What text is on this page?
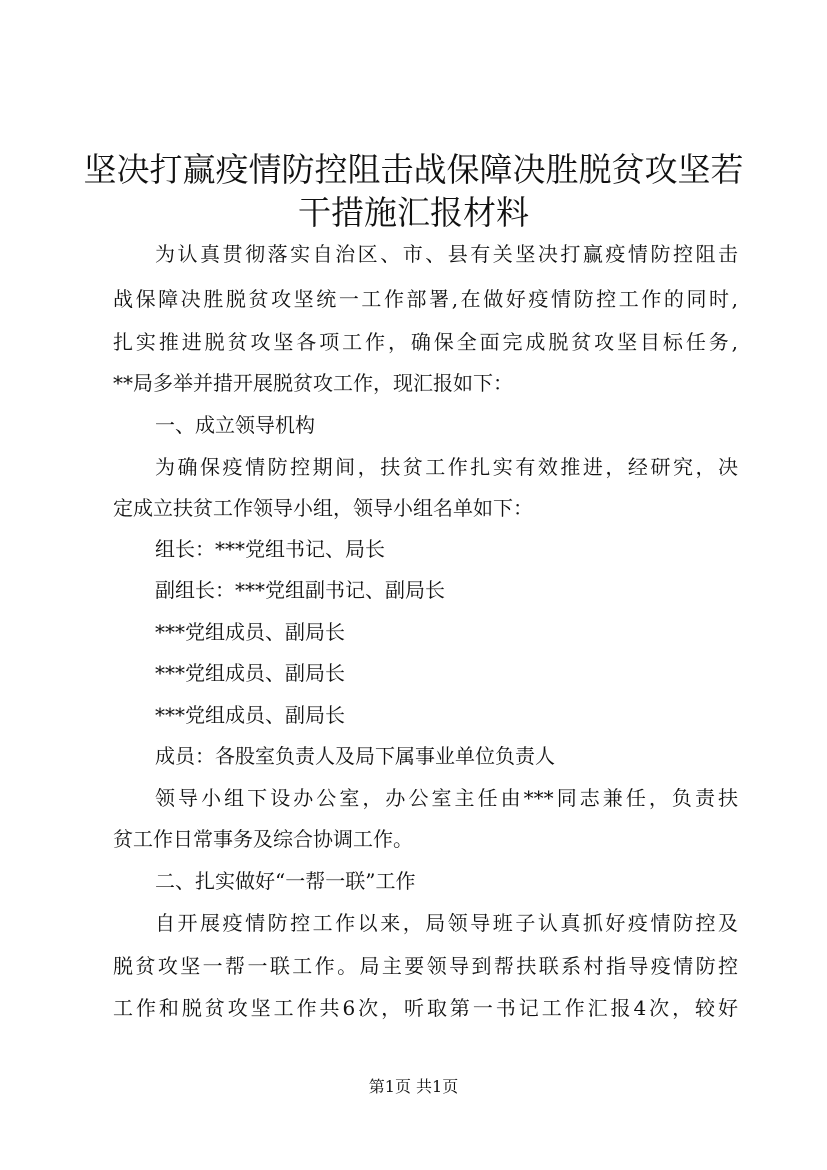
坚决打赢疫情防控阻击战保障决胜脱贫攻坚若
干措施汇报材料
为认真贯彻落实自治区、市、县有关坚决打赢疫情防控阻击
战保障决胜脱贫攻坚统一工作部署,在做好疫情防控工作的同时,
扎实推进脱贫攻坚各项工作，确保全面完成脱贫攻坚目标任务,
**局多举并措开展脱贫攻工作，现汇报如下：
一、成立领导机构
为确保疫情防控期间，扶贫工作扎实有效推进，经研究，决
定成立扶贫工作领导小组，领导小组名单如下：
组长：***党组书记、局长
副组长：***党组副书记、副局长
***党组成员、副局长
***党组成员、副局长
***党组成员、副局长
成员：各股室负责人及局下属事业单位负责人
领导小组下设办公室，办公室主任由***同志兼任，负责扶
贫工作日常事务及综合协调工作。
二、扎实做好“一帮一联”工作
自开展疫情防控工作以来，局领导班子认真抓好疫情防控及
脱贫攻坚一帮一联工作。局主要领导到帮扶联系村指导疫情防控
工作和脱贫攻坚工作共6次，听取第一书记工作汇报4次，较好
第1页 共1页
